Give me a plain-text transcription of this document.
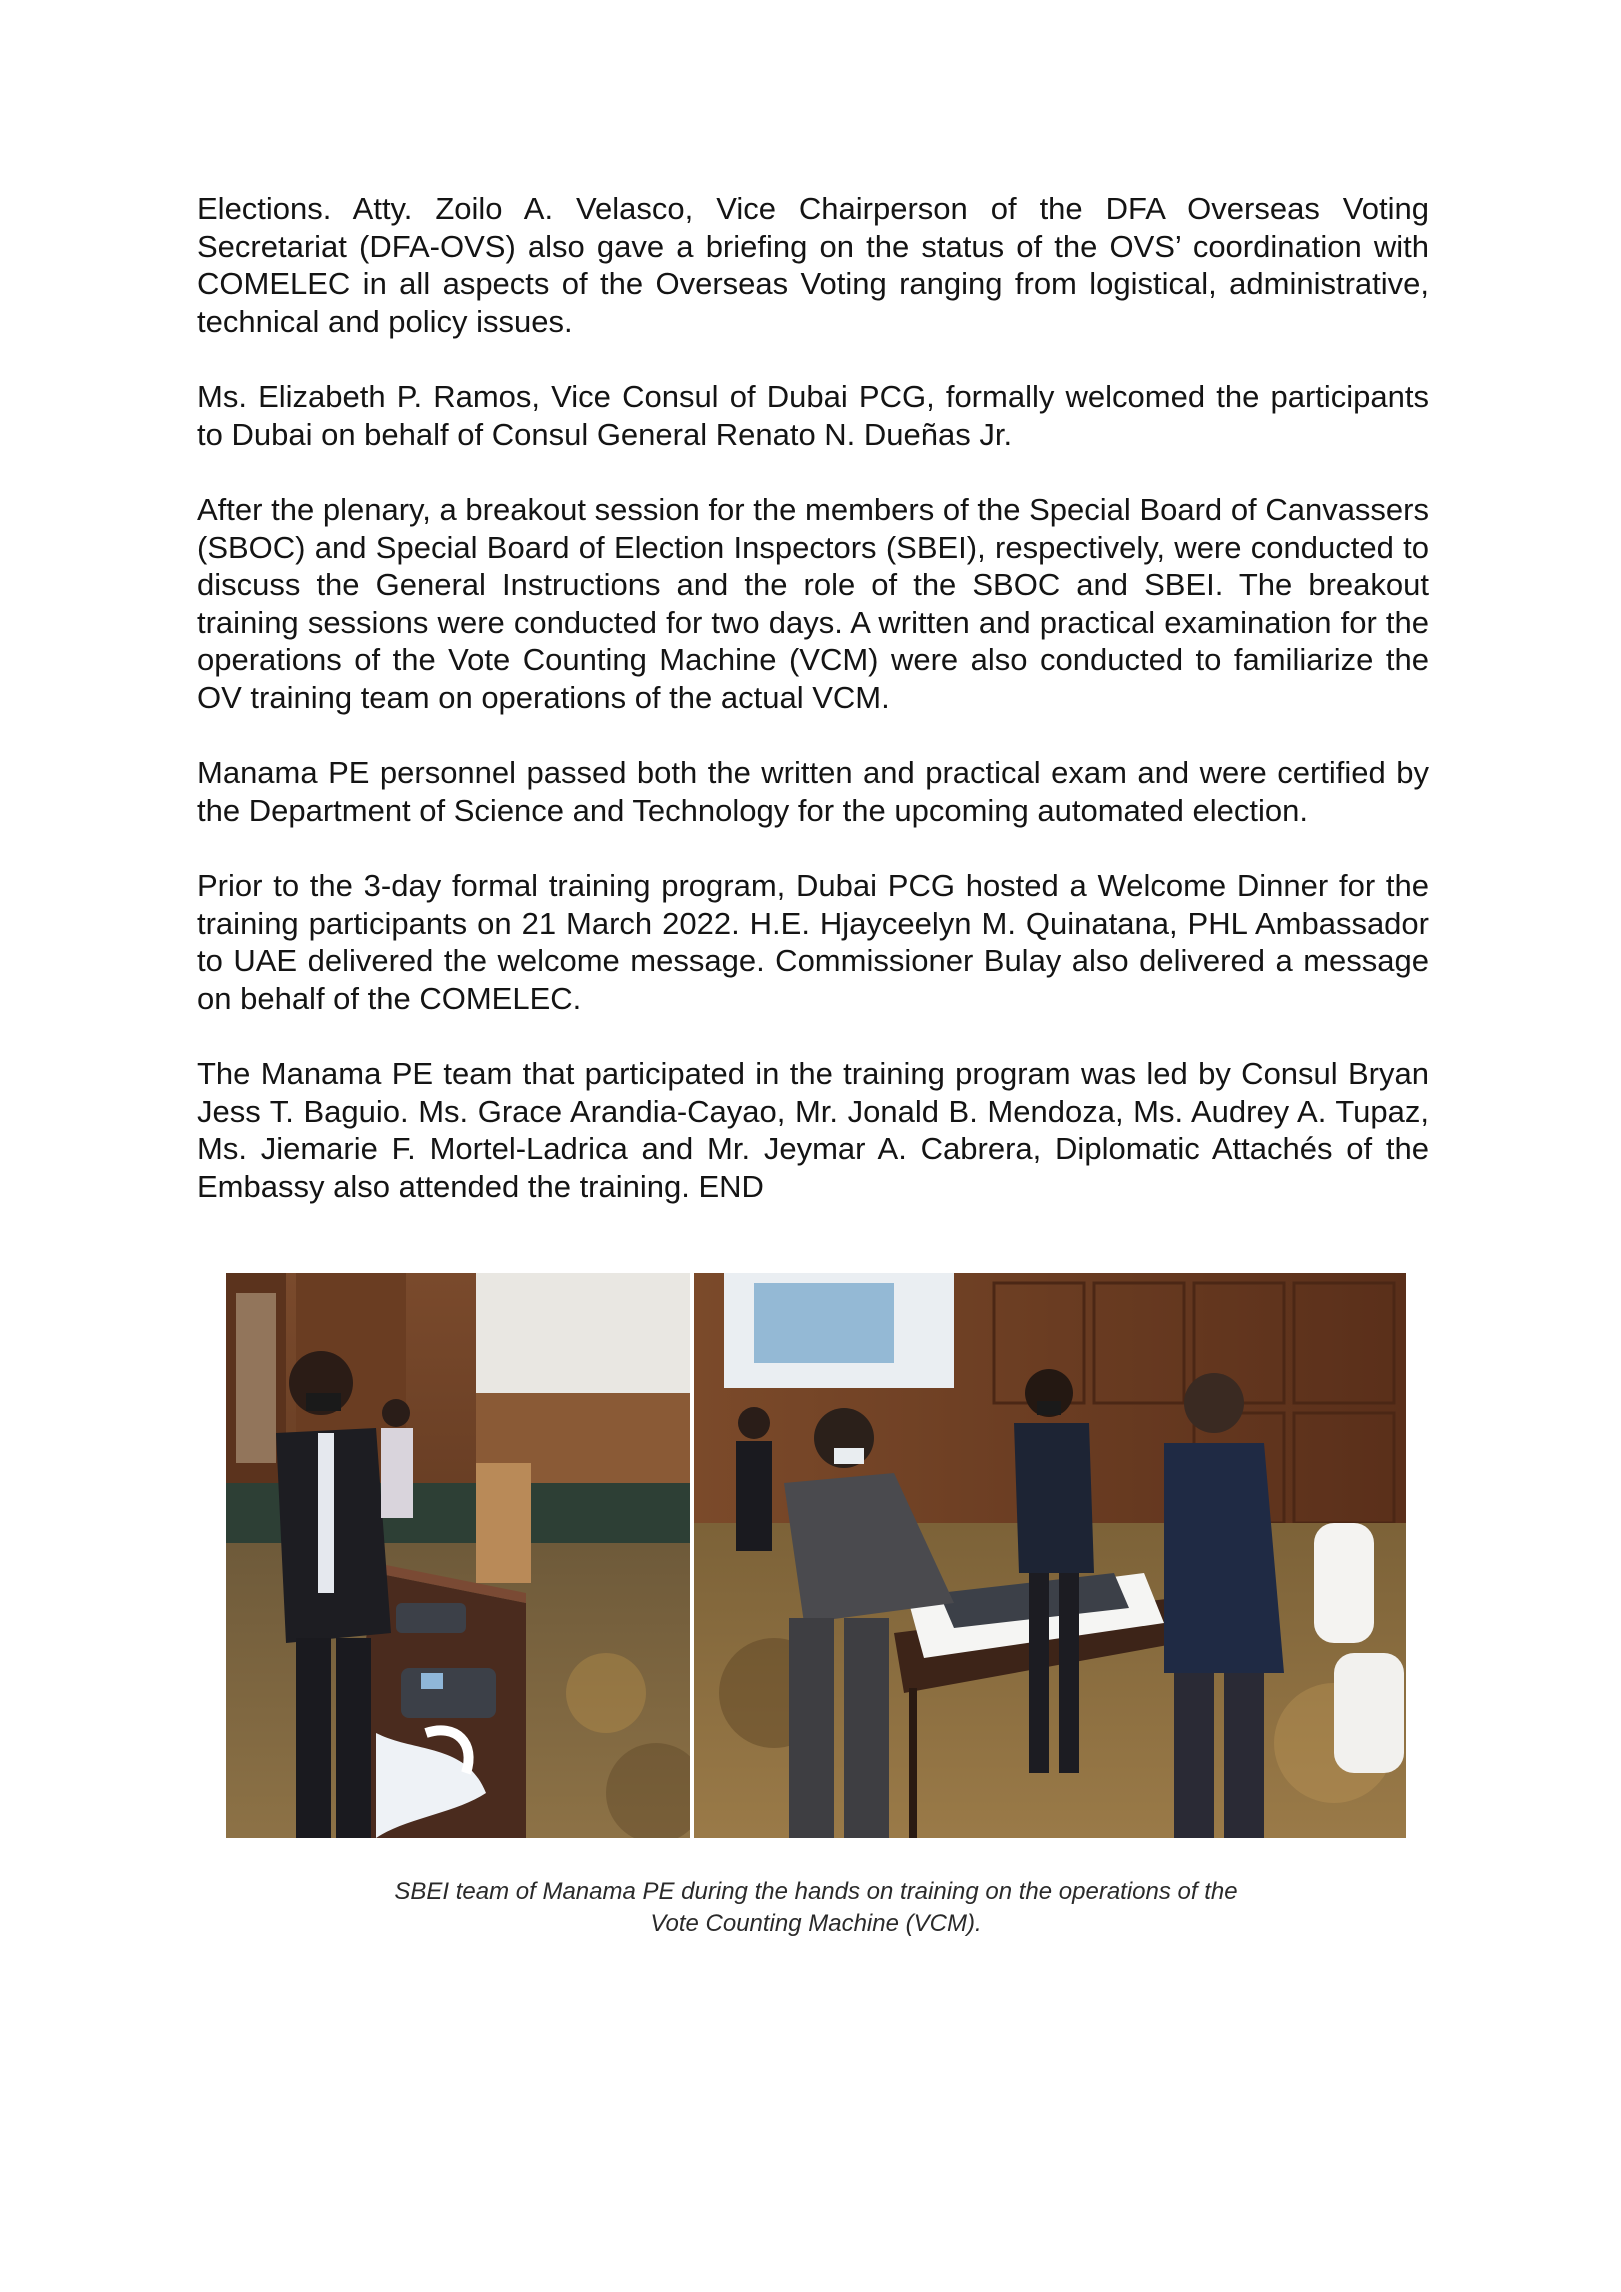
Elections. Atty. Zoilo A. Velasco, Vice Chairperson of the DFA Overseas Voting Secretariat (DFA-OVS) also gave a briefing on the status of the OVS’ coordination with COMELEC in all aspects of the Overseas Voting ranging from logistical, administrative, technical and policy issues.

Ms. Elizabeth P. Ramos, Vice Consul of Dubai PCG, formally welcomed the participants to Dubai on behalf of Consul General Renato N. Dueñas Jr.

After the plenary, a breakout session for the members of the Special Board of Canvassers (SBOC) and Special Board of Election Inspectors (SBEI), respectively, were conducted to discuss the General Instructions and the role of the SBOC and SBEI. The breakout training sessions were conducted for two days. A written and practical examination for the operations of the Vote Counting Machine (VCM) were also conducted to familiarize the OV training team on operations of the actual VCM.

Manama PE personnel passed both the written and practical exam and were certified by the Department of Science and Technology for the upcoming automated election.

Prior to the 3-day formal training program, Dubai PCG hosted a Welcome Dinner for the training participants on 21 March 2022. H.E. Hjayceelyn M. Quinatana, PHL Ambassador to UAE delivered the welcome message. Commissioner Bulay also delivered a message on behalf of the COMELEC.

The Manama PE team that participated in the training program was led by Consul Bryan Jess T. Baguio. Ms. Grace Arandia-Cayao, Mr. Jonald B. Mendoza, Ms. Audrey A. Tupaz, Ms. Jiemarie F. Mortel-Ladrica and Mr. Jeymar A. Cabrera, Diplomatic Attachés of the Embassy also attended the training. END

SBEI team of Manama PE during the hands on training on the operations of the
Vote Counting Machine (VCM).
